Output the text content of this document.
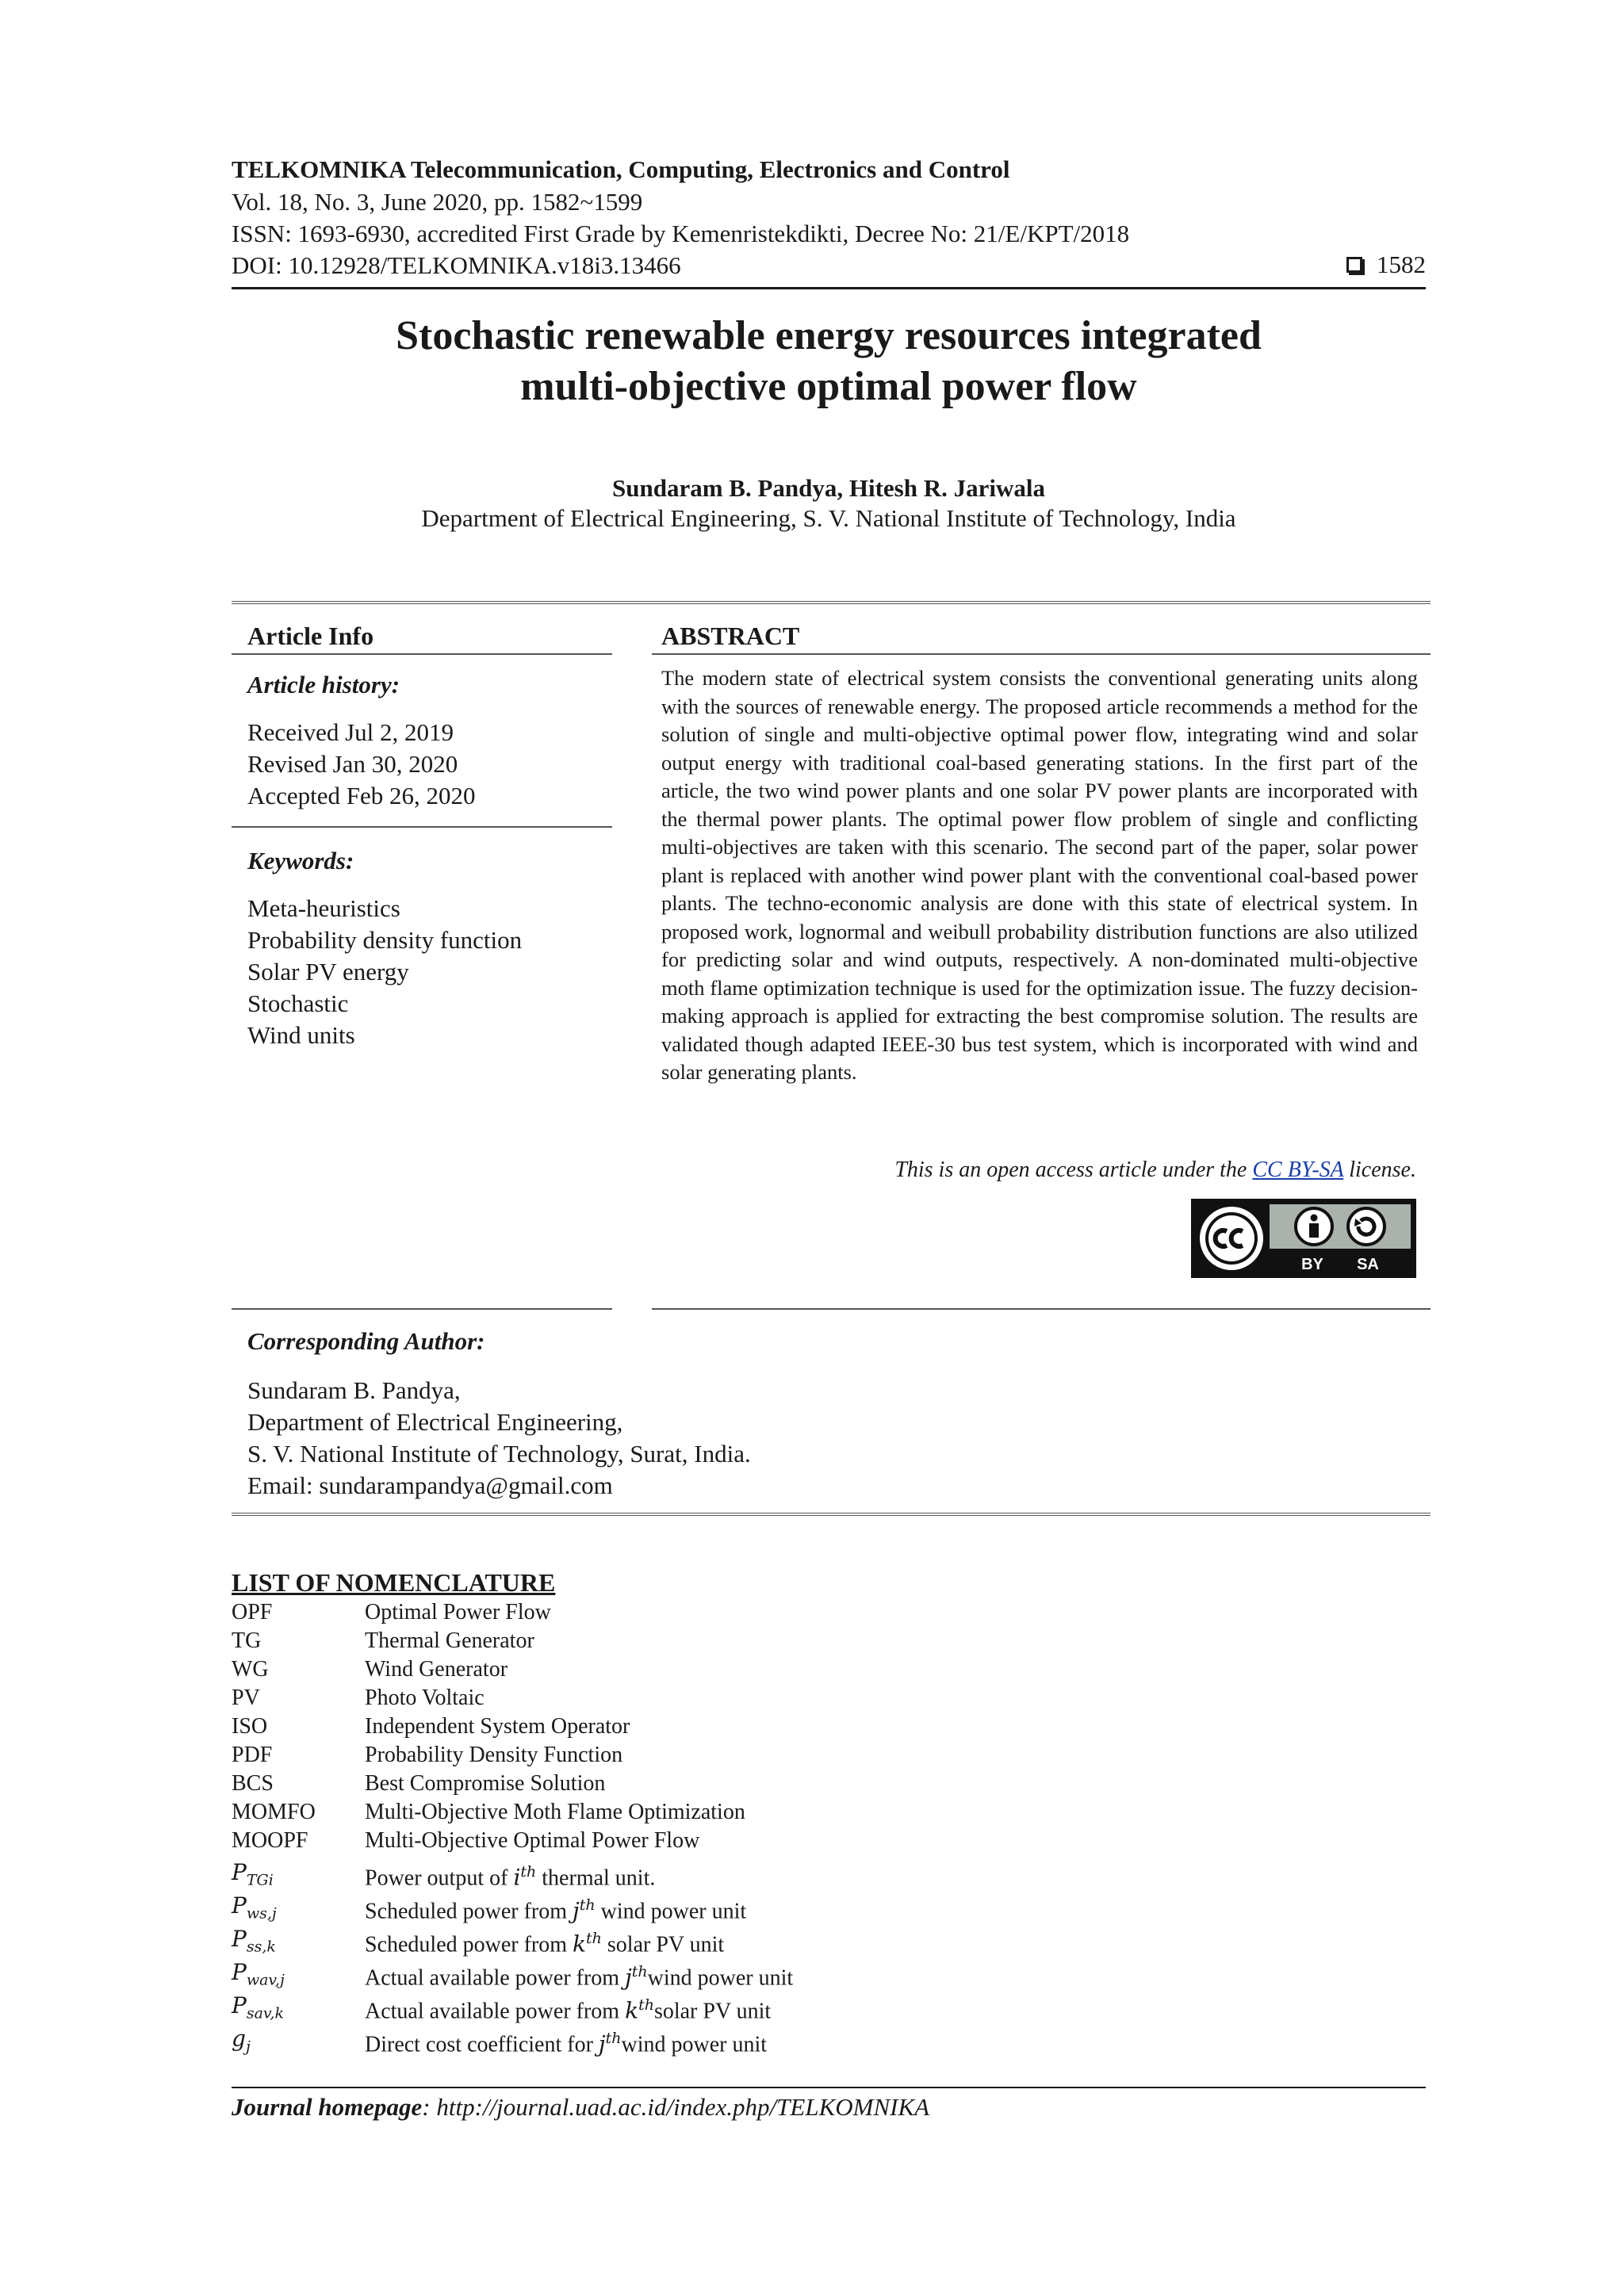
TELKOMNIKA Telecommunication, Computing, Electronics and Control
Vol. 18, No. 3, June 2020, pp. 1582~1599
ISSN: 1693-6930, accredited First Grade by Kemenristekdikti, Decree No: 21/E/KPT/2018
DOI: 10.12928/TELKOMNIKA.v18i3.13466	1582
Stochastic renewable energy resources integrated
multi-objective optimal power flow
Sundaram B. Pandya, Hitesh R. Jariwala
Department of Electrical Engineering, S. V. National Institute of Technology, India
Article Info	ABSTRACT
Article history:
Received Jul 2, 2019
Revised Jan 30, 2020
Accepted Feb 26, 2020
Keywords:
Meta-heuristics
Probability density function
Solar PV energy
Stochastic
Wind units
The modern state of electrical system consists the conventional generating units along with the sources of renewable energy. The proposed article recommends a method for the solution of single and multi-objective optimal power flow, integrating wind and solar output energy with traditional coal-based generating stations. In the first part of the article, the two wind power plants and one solar PV power plants are incorporated with the thermal power plants. The optimal power flow problem of single and conflicting multi-objectives are taken with this scenario. The second part of the paper, solar power plant is replaced with another wind power plant with the conventional coal-based power plants. The techno-economic analysis are done with this state of electrical system. In proposed work, lognormal and weibull probability distribution functions are also utilized for predicting solar and wind outputs, respectively. A non-dominated multi-objective moth flame optimization technique is used for the optimization issue. The fuzzy decision-making approach is applied for extracting the best compromise solution. The results are validated though adapted IEEE-30 bus test system, which is incorporated with wind and solar generating plants.
This is an open access article under the CC BY-SA license.
BY SA
Corresponding Author:
Sundaram B. Pandya,
Department of Electrical Engineering,
S. V. National Institute of Technology, Surat, India.
Email: sundarampandya@gmail.com
LIST OF NOMENCLATURE
OPF	Optimal Power Flow
TG	Thermal Generator
WG	Wind Generator
PV	Photo Voltaic
ISO	Independent System Operator
PDF	Probability Density Function
BCS	Best Compromise Solution
MOMFO	Multi-Objective Moth Flame Optimization
MOOPF	Multi-Objective Optimal Power Flow
$P_{TGi}$	Power output of $i^{th}$ thermal unit.
$P_{ws,j}$	Scheduled power from $j^{th}$ wind power unit
$P_{ss,k}$	Scheduled power from $k^{th}$ solar PV unit
$P_{wav,j}$	Actual available power from $j^{th}wind$ power unit
$P_{sav,k}$	Actual available power from $k^{th}solar$ PV unit
$g_j$	Direct cost coefficient for $j^{th}wind$ power unit
Journal homepage: http://journal.uad.ac.id/index.php/TELKOMNIKA
